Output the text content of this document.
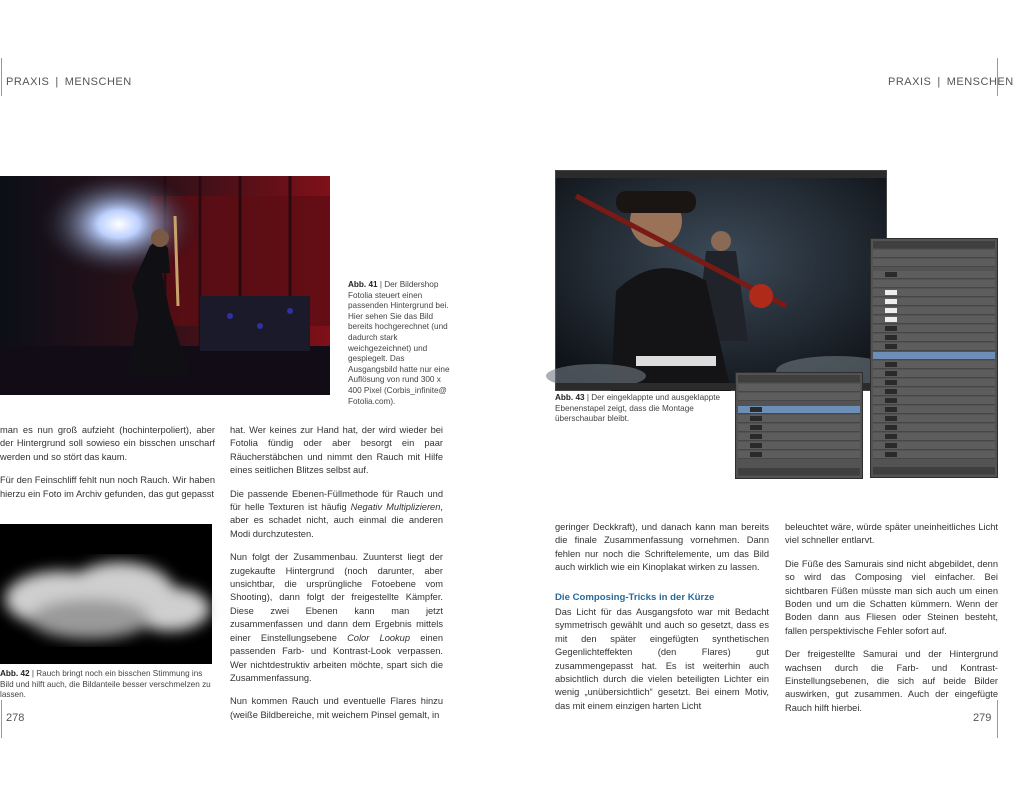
PRAXIS | MENSCHEN
Abb. 41 | Der Bildershop Fotolia steuert einen passenden Hintergrund bei. Hier sehen Sie das Bild bereits hochgerechnet (und dadurch stark weichgezeichnet) und gespiegelt. Das Ausgangsbild hatte nur eine Auflösung von rund 300 x 400 Pixel (Corbis_infinite@ Fotolia.com).

man es nun groß aufzieht (hochinterpoliert), aber der Hintergrund soll sowieso ein bisschen unscharf werden und so stört das kaum.

Für den Feinschliff fehlt nun noch Rauch. Wir haben hierzu ein Foto im Archiv gefunden, das gut gepasst

Abb. 42 | Rauch bringt noch ein bisschen Stimmung ins Bild und hilft auch, die Bildanteile besser verschmelzen zu lassen.

hat. Wer keines zur Hand hat, der wird wieder bei Fotolia fündig oder aber besorgt ein paar Räucherstäbchen und nimmt den Rauch mit Hilfe eines seitlichen Blitzes selbst auf.

Die passende Ebenen-Füllmethode für Rauch und für helle Texturen ist häufig Negativ Multiplizieren, aber es schadet nicht, auch einmal die anderen Modi durchzutesten.

Nun folgt der Zusammenbau. Zuunterst liegt der zugekaufte Hintergrund (noch darunter, aber unsichtbar, die ursprüngliche Fotoebene vom Shooting), dann folgt der freigestellte Kämpfer. Diese zwei Ebenen kann man jetzt zusammenfassen und dann dem Ergebnis mittels einer Einstellungsebene Color Lookup einen passenden Farb- und Kontrast-Look verpassen. Wer nichtdestruktiv arbeiten möchte, spart sich die Zusammenfassung.

Nun kommen Rauch und eventuelle Flares hinzu (weiße Bildbereiche, mit weichem Pinsel gemalt, in

278
PRAXIS | MENSCHEN
Abb. 43 | Der eingeklappte und ausgeklappte Ebenenstapel zeigt, dass die Montage überschaubar bleibt.

geringer Deckkraft), und danach kann man bereits die finale Zusammenfassung vornehmen. Dann fehlen nur noch die Schriftelemente, um das Bild auch wirklich wie ein Kinoplakat wirken zu lassen.

Die Composing-Tricks in der Kürze

Das Licht für das Ausgangsfoto war mit Bedacht symmetrisch gewählt und auch so gesetzt, dass es mit den später eingefügten synthetischen Gegenlichteffekten (den Flares) gut zusammengepasst hat. Es ist weiterhin auch absichtlich durch die vielen beteiligten Lichter ein wenig „unübersichtlich“ gesetzt. Bei einem Motiv, das mit einem einzigen harten Licht

beleuchtet wäre, würde später uneinheitliches Licht viel schneller entlarvt.

Die Füße des Samurais sind nicht abgebildet, denn so wird das Composing viel einfacher. Bei sichtbaren Füßen müsste man sich auch um einen Boden und um die Schatten kümmern. Wenn der Boden dann aus Fliesen oder Steinen besteht, fallen perspektivische Fehler sofort auf.

Der freigestellte Samurai und der Hintergrund wachsen durch die Farb- und Kontrast-Einstellungsebenen, die sich auf beide Bilder auswirken, gut zusammen. Auch der eingefügte Rauch hilft hierbei.

279
